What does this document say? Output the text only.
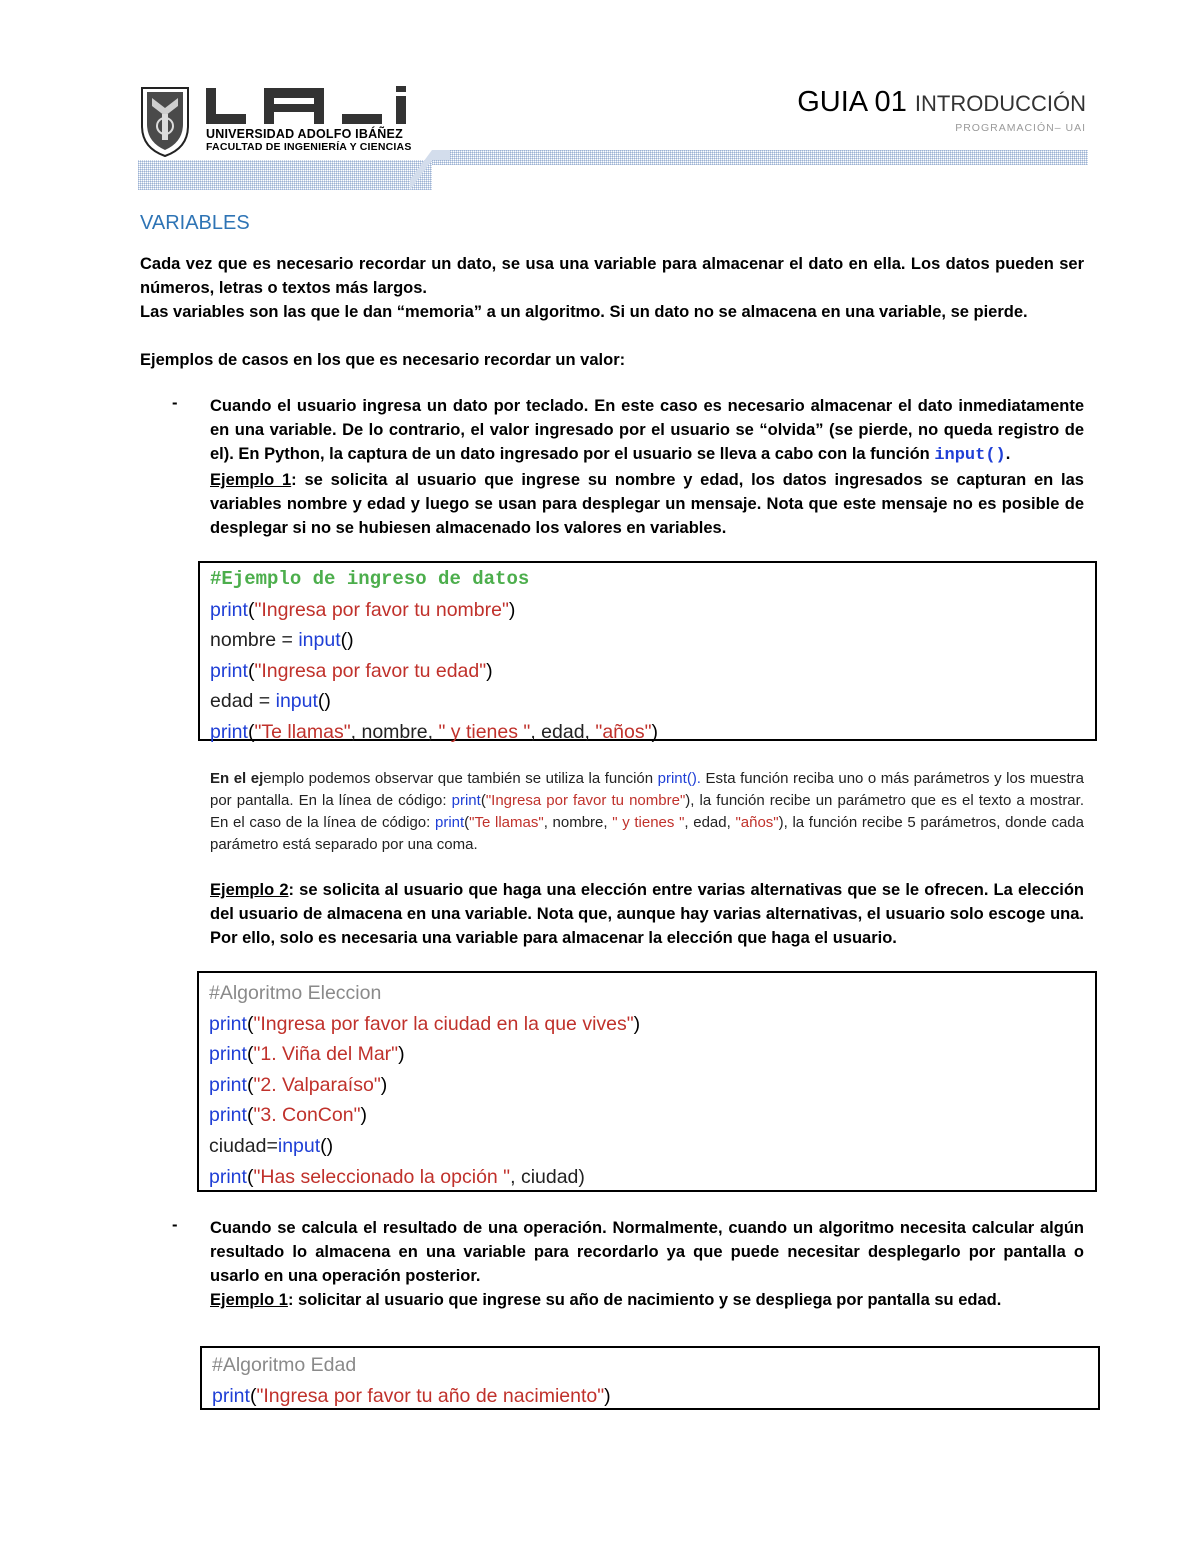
UNIVERSIDAD ADOLFO IBÁÑEZ
FACULTAD DE INGENIERÍA Y CIENCIAS
GUIA 01 INTRODUCCIÓN
PROGRAMACIÓN– UAI
VARIABLES
Cada vez que es necesario recordar un dato, se usa una variable para almacenar el dato en ella. Los datos pueden ser números, letras o textos más largos.
Las variables son las que le dan “memoria” a un algoritmo. Si un dato no se almacena en una variable, se pierde.
Ejemplos de casos en los que es necesario recordar un valor:
- Cuando el usuario ingresa un dato por teclado. En este caso es necesario almacenar el dato inmediatamente en una variable. De lo contrario, el valor ingresado por el usuario se “olvida” (se pierde, no queda registro de el). En Python, la captura de un dato ingresado por el usuario se lleva a cabo con la función input().
Ejemplo 1: se solicita al usuario que ingrese su nombre y edad, los datos ingresados se capturan en las variables nombre y edad y luego se usan para desplegar un mensaje. Nota que este mensaje no es posible de desplegar si no se hubiesen almacenado los valores en variables.
#Ejemplo de ingreso de datos
print("Ingresa por favor tu nombre")
nombre = input()
print("Ingresa por favor tu edad")
edad = input()
print("Te llamas", nombre, " y tienes ", edad, "años")
En el ejemplo podemos observar que también se utiliza la función print(). Esta función reciba uno o más parámetros y los muestra por pantalla. En la línea de código: print("Ingresa por favor tu nombre"), la función recibe un parámetro que es el texto a mostrar. En el caso de la línea de código: print("Te llamas", nombre, " y tienes ", edad, "años"), la función recibe 5 parámetros, donde cada parámetro está separado por una coma.
Ejemplo 2: se solicita al usuario que haga una elección entre varias alternativas que se le ofrecen. La elección del usuario de almacena en una variable. Nota que, aunque hay varias alternativas, el usuario solo escoge una. Por ello, solo es necesaria una variable para almacenar la elección que haga el usuario.
#Algoritmo Eleccion
print("Ingresa por favor la ciudad en la que vives")
print("1. Viña del Mar")
print("2. Valparaíso")
print("3. ConCon")
ciudad=input()
print("Has seleccionado la opción ", ciudad)
- Cuando se calcula el resultado de una operación. Normalmente, cuando un algoritmo necesita calcular algún resultado lo almacena en una variable para recordarlo ya que puede necesitar desplegarlo por pantalla o usarlo en una operación posterior.
Ejemplo 1: solicitar al usuario que ingrese su año de nacimiento y se despliega por pantalla su edad.
#Algoritmo Edad
print("Ingresa por favor tu año de nacimiento")
